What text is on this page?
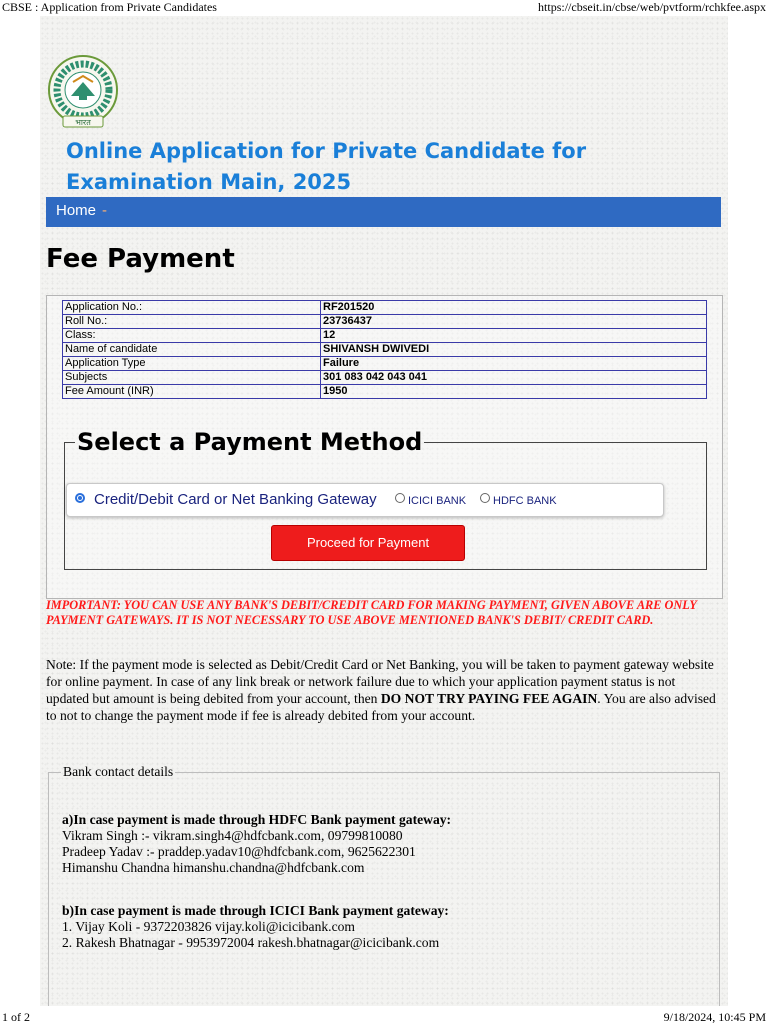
CBSE : Application from Private Candidates	https://cbseit.in/cbse/web/pvtform/rchkfee.aspx
भारत
Online Application for Private Candidate for Examination Main, 2025
Home -
Fee Payment
Application No.:	RF201520
Roll No.:	23736437
Class:	12
Name of candidate	SHIVANSH DWIVEDI
Application Type	Failure
Subjects	301 083 042 043 041
Fee Amount (INR)	1950
Select a Payment Method
Credit/Debit Card or Net Banking Gateway	ICICI BANK HDFC BANK
Proceed for Payment
IMPORTANT: YOU CAN USE ANY BANK'S DEBIT/CREDIT CARD FOR MAKING PAYMENT, GIVEN ABOVE ARE ONLY PAYMENT GATEWAYS. IT IS NOT NECESSARY TO USE ABOVE MENTIONED BANK'S DEBIT/ CREDIT CARD.
Note: If the payment mode is selected as Debit/Credit Card or Net Banking, you will be taken to payment gateway website for online payment. In case of any link break or network failure due to which your application payment status is not updated but amount is being debited from your account, then DO NOT TRY PAYING FEE AGAIN. You are also advised to not to change the payment mode if fee is already debited from your account.
Bank contact details
a)In case payment is made through HDFC Bank payment gateway:
Vikram Singh :- vikram.singh4@hdfcbank.com, 09799810080
Pradeep Yadav :- praddep.yadav10@hdfcbank.com, 9625622301
Himanshu Chandna himanshu.chandna@hdfcbank.com
b)In case payment is made through ICICI Bank payment gateway:
1. Vijay Koli - 9372203826 vijay.koli@icicibank.com
2. Rakesh Bhatnagar - 9953972004 rakesh.bhatnagar@icicibank.com
1 of 2	9/18/2024, 10:45 PM
